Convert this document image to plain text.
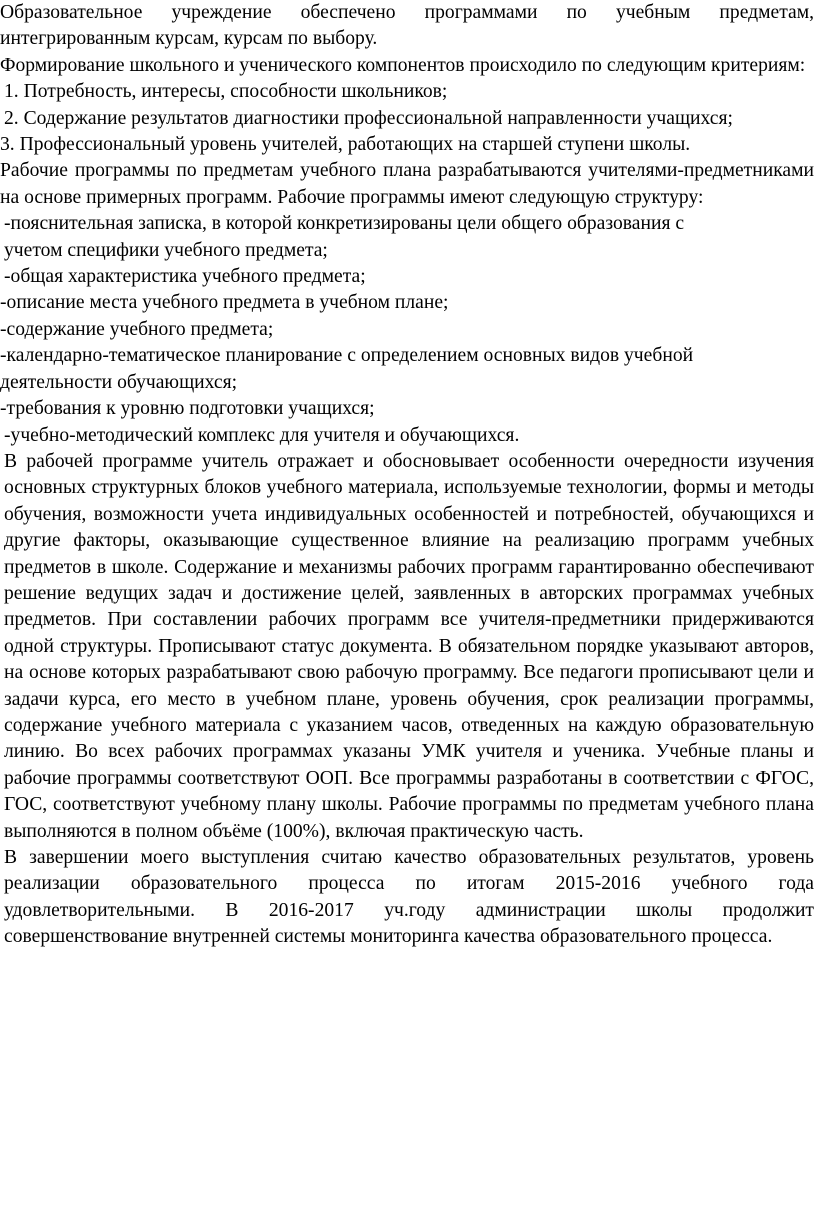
Образовательное учреждение обеспечено программами по учебным предметам, интегрированным курсам, курсам по выбору.

Формирование школьного и ученического компонентов происходило по следующим критериям:

1. Потребность, интересы, способности школьников;

2. Содержание результатов диагностики профессиональной направленности учащихся;

3. Профессиональный уровень учителей, работающих на старшей ступени школы.

Рабочие программы по предметам учебного плана разрабатываются учителями-предметниками на основе примерных программ. Рабочие программы имеют следующую структуру:

-пояснительная записка, в которой конкретизированы цели общего образования с учетом специфики учебного предмета;

-общая характеристика учебного предмета;

-описание места учебного предмета в учебном плане;

-содержание учебного предмета;

-календарно-тематическое планирование с определением основных видов учебной деятельности обучающихся;

-требования к уровню подготовки учащихся;

-учебно-методический комплекс для учителя и обучающихся.

В рабочей программе учитель отражает и обосновывает особенности очередности изучения основных структурных блоков учебного материала, используемые технологии, формы и методы обучения, возможности учета индивидуальных особенностей и потребностей, обучающихся и другие факторы, оказывающие существенное влияние на реализацию программ учебных предметов в школе. Содержание и механизмы рабочих программ гарантированно обеспечивают решение ведущих задач и достижение целей, заявленных в авторских программах учебных предметов. При составлении рабочих программ все учителя-предметники придерживаются одной структуры. Прописывают статус документа. В обязательном порядке указывают авторов, на основе которых разрабатывают свою рабочую программу. Все педагоги прописывают цели и задачи курса, его место в учебном плане, уровень обучения, срок реализации программы, содержание учебного материала с указанием часов, отведенных на каждую образовательную линию. Во всех рабочих программах указаны УМК учителя и ученика. Учебные планы и рабочие программы соответствуют ООП. Все программы разработаны в соответствии с ФГОС, ГОС, соответствуют учебному плану школы. Рабочие программы по предметам учебного плана выполняются в полном объёме (100%), включая практическую часть.

В завершении моего выступления считаю качество образовательных результатов, уровень реализации образовательного процесса по итогам 2015-2016 учебного года удовлетворительными. В 2016-2017 уч.году администрации школы продолжит совершенствование внутренней системы мониторинга качества образовательного процесса.
